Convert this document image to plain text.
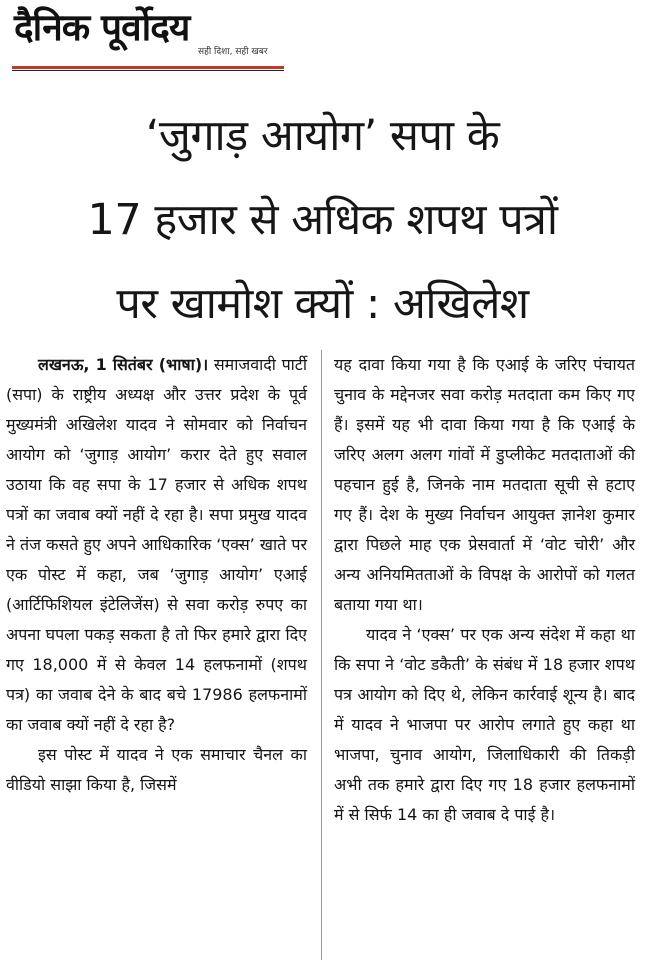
दैनिक पूर्वोदय
सही दिशा, सही खबर
‘जुगाड़ आयोग’ सपा के
17 हजार से अधिक शपथ पत्रों
पर खामोश क्यों : अखिलेश

लखनऊ, 1 सितंबर (भाषा)। समाजवादी पार्टी (सपा) के राष्ट्रीय अध्यक्ष और उत्तर प्रदेश के पूर्व मुख्यमंत्री अखिलेश यादव ने सोमवार को निर्वाचन आयोग को ‘जुगाड़ आयोग’ करार देते हुए सवाल उठाया कि वह सपा के 17 हजार से अधिक शपथ पत्रों का जवाब क्यों नहीं दे रहा है। सपा प्रमुख यादव ने तंज कसते हुए अपने आधिकारिक ‘एक्स’ खाते पर एक पोस्ट में कहा, जब ‘जुगाड़ आयोग’ एआई (आर्टिफिशियल इंटेलिजेंस) से सवा करोड़ रुपए का अपना घपला पकड़ सकता है तो फिर हमारे द्वारा दिए गए 18,000 में से केवल 14 हलफनामों (शपथ पत्र) का जवाब देने के बाद बचे 17986 हलफनामों का जवाब क्यों नहीं दे रहा है?

इस पोस्ट में यादव ने एक समाचार चैनल का वीडियो साझा किया है, जिसमें

यह दावा किया गया है कि एआई के जरिए पंचायत चुनाव के मद्देनजर सवा करोड़ मतदाता कम किए गए हैं। इसमें यह भी दावा किया गया है कि एआई के जरिए अलग अलग गांवों में डुप्लीकेट मतदाताओं की पहचान हुई है, जिनके नाम मतदाता सूची से हटाए गए हैं। देश के मुख्य निर्वाचन आयुक्त ज्ञानेश कुमार द्वारा पिछले माह एक प्रेसवार्ता में ‘वोट चोरी’ और अन्य अनियमितताओं के विपक्ष के आरोपों को गलत बताया गया था।

यादव ने ‘एक्स’ पर एक अन्य संदेश में कहा था कि सपा ने ‘वोट डकैती’ के संबंध में 18 हजार शपथ पत्र आयोग को दिए थे, लेकिन कार्रवाई शून्य है। बाद में यादव ने भाजपा पर आरोप लगाते हुए कहा था भाजपा, चुनाव आयोग, जिलाधिकारी की तिकड़ी अभी तक हमारे द्वारा दिए गए 18 हजार हलफनामों में से सिर्फ 14 का ही जवाब दे पाई है।
